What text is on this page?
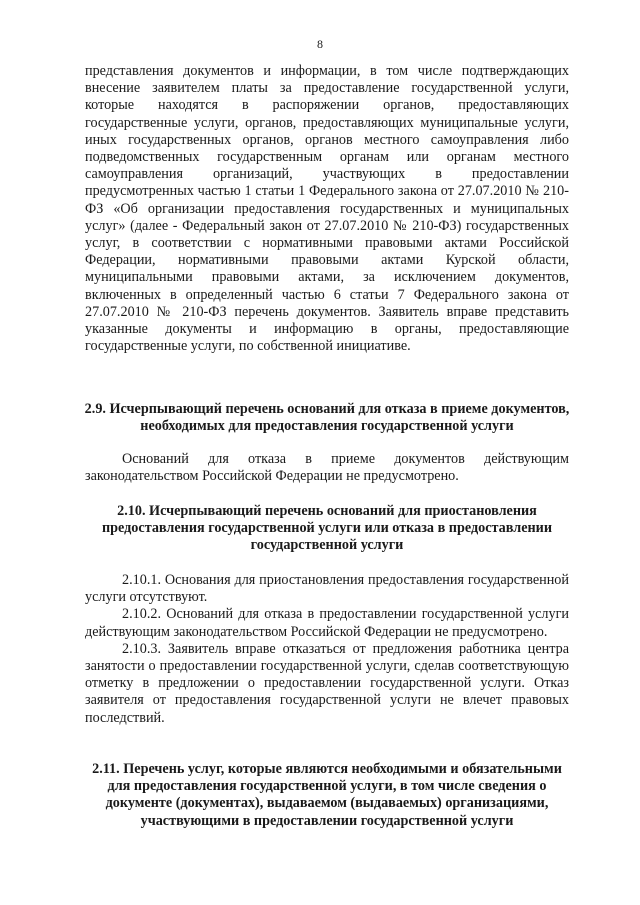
8

представления документов и информации, в том числе подтверждающих внесение заявителем платы за предоставление государственной услуги, которые находятся в распоряжении органов, предоставляющих государственные услуги, органов, предоставляющих муниципальные услуги, иных государственных органов, органов местного самоуправления либо подведомственных государственным органам или органам местного самоуправления организаций, участвующих в предоставлении предусмотренных частью 1 статьи 1 Федерального закона от 27.07.2010 № 210-ФЗ «Об организации предоставления государственных и муниципальных услуг» (далее - Федеральный закон от 27.07.2010 № 210-ФЗ) государственных услуг, в соответствии с нормативными правовыми актами Российской Федерации, нормативными правовыми актами Курской области, муниципальными правовыми актами, за исключением документов, включенных в определенный частью 6 статьи 7 Федерального закона от 27.07.2010 № 210-ФЗ перечень документов. Заявитель вправе представить указанные документы и информацию в органы, предоставляющие государственные услуги, по собственной инициативе.

2.9. Исчерпывающий перечень оснований для отказа в приеме документов, необходимых для предоставления государственной услуги

Оснований для отказа в приеме документов действующим законодательством Российской Федерации не предусмотрено.

2.10. Исчерпывающий перечень оснований для приостановления предоставления государственной услуги или отказа в предоставлении государственной услуги

2.10.1. Основания для приостановления предоставления государственной услуги отсутствуют.

2.10.2. Оснований для отказа в предоставлении государственной услуги действующим законодательством Российской Федерации не предусмотрено.

2.10.3. Заявитель вправе отказаться от предложения работника центра занятости о предоставлении государственной услуги, сделав соответствующую отметку в предложении о предоставлении государственной услуги. Отказ заявителя от предоставления государственной услуги не влечет правовых последствий.

2.11. Перечень услуг, которые являются необходимыми и обязательными для предоставления государственной услуги, в том числе сведения о документе (документах), выдаваемом (выдаваемых) организациями, участвующими в предоставлении государственной услуги
